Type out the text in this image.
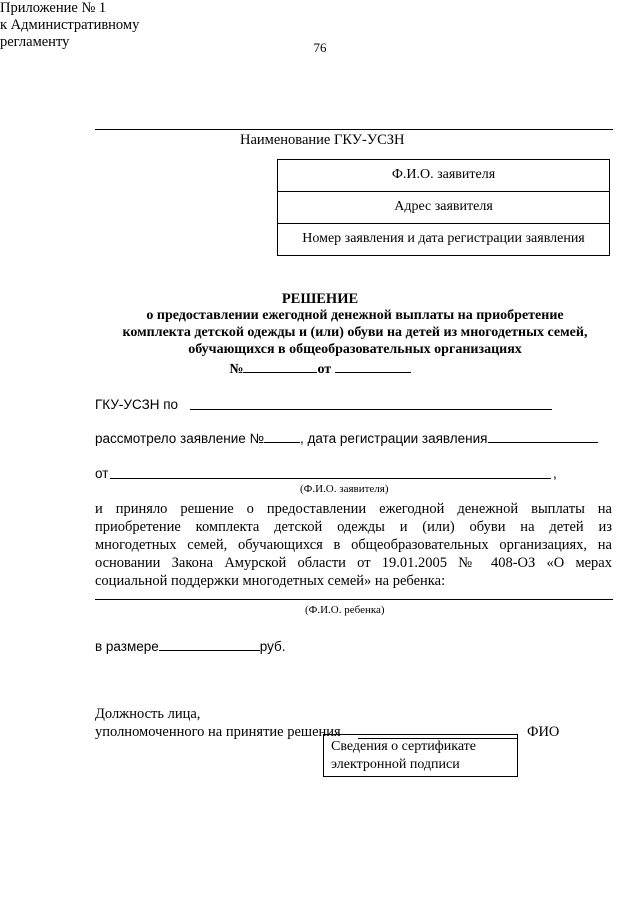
76
Приложение № 1
к Административному
регламенту
Наименование ГКУ-УСЗН
Ф.И.О. заявителя
Адрес заявителя
Номер заявления и дата регистрации заявления
РЕШЕНИЕ
о предоставлении ежегодной денежной выплаты на приобретение
комплекта детской одежды и (или) обуви на детей из многодетных семей,
обучающихся в общеобразовательных организациях
№	от
ГКУ-УСЗН по
рассмотрело заявление №	, дата регистрации заявления
от	,
(Ф.И.О. заявителя)
и приняло решение о предоставлении ежегодной денежной выплаты на
приобретение комплекта детской одежды и (или) обуви на детей из
многодетных семей, обучающихся в общеобразовательных организациях, на
основании Закона Амурской области от 19.01.2005 № 408-ОЗ «О мерах
социальной поддержки многодетных семей» на ребенка:
(Ф.И.О. ребенка)
в размере	руб.
Должность лица,
уполномоченного на принятие решения	ФИО
Сведения о сертификате
электронной подписи
